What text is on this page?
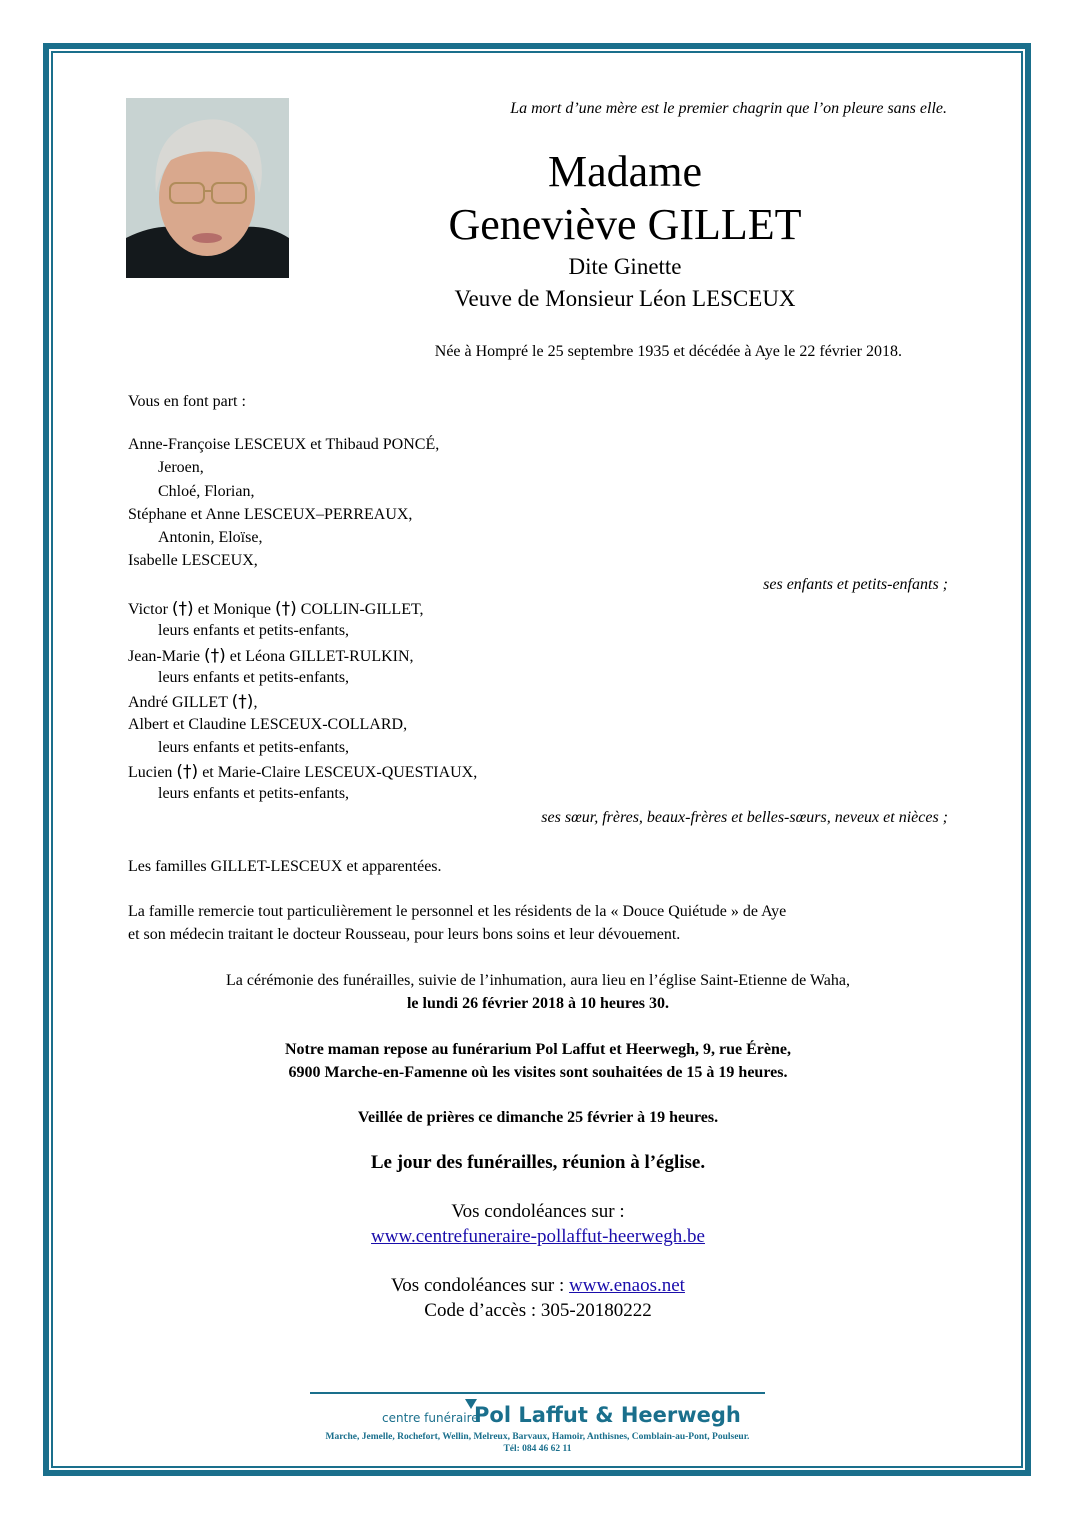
La mort d’une mère est le premier chagrin que l’on pleure sans elle.
Madame
Geneviève GILLET
Dite Ginette
Veuve de Monsieur Léon LESCEUX
Née à Hompré le 25 septembre 1935 et décédée à Aye le 22 février 2018.
Vous en font part :
Anne-Françoise LESCEUX et Thibaud PONCÉ,
Jeroen,
Chloé, Florian,
Stéphane et Anne LESCEUX–PERREAUX,
Antonin, Eloïse,
Isabelle LESCEUX,
ses enfants et petits-enfants ;
Victor (†) et Monique (†) COLLIN-GILLET,
leurs enfants et petits-enfants,
Jean-Marie (†) et Léona GILLET-RULKIN,
leurs enfants et petits-enfants,
André GILLET (†),
Albert et Claudine LESCEUX-COLLARD,
leurs enfants et petits-enfants,
Lucien (†) et Marie-Claire LESCEUX-QUESTIAUX,
leurs enfants et petits-enfants,
ses sœur, frères, beaux-frères et belles-sœurs, neveux et nièces ;
Les familles GILLET-LESCEUX et apparentées.
La famille remercie tout particulièrement le personnel et les résidents de la « Douce Quiétude » de Aye
et son médecin traitant le docteur Rousseau, pour leurs bons soins et leur dévouement.
La cérémonie des funérailles, suivie de l’inhumation, aura lieu en l’église Saint-Etienne de Waha,
le lundi 26 février 2018 à 10 heures 30.
Notre maman repose au funérarium Pol Laffut et Heerwegh, 9, rue Érène,
6900 Marche-en-Famenne où les visites sont souhaitées de 15 à 19 heures.
Veillée de prières ce dimanche 25 février à 19 heures.
Le jour des funérailles, réunion à l’église.
Vos condoléances sur :
www.centrefuneraire-pollaffut-heerwegh.be
Vos condoléances sur : www.enaos.net
Code d’accès : 305-20180222
centre funéraire
Pol Laffut & Heerwegh
Marche, Jemelle, Rochefort, Wellin, Melreux, Barvaux, Hamoir, Anthisnes, Comblain-au-Pont, Poulseur.
Tél: 084 46 62 11
